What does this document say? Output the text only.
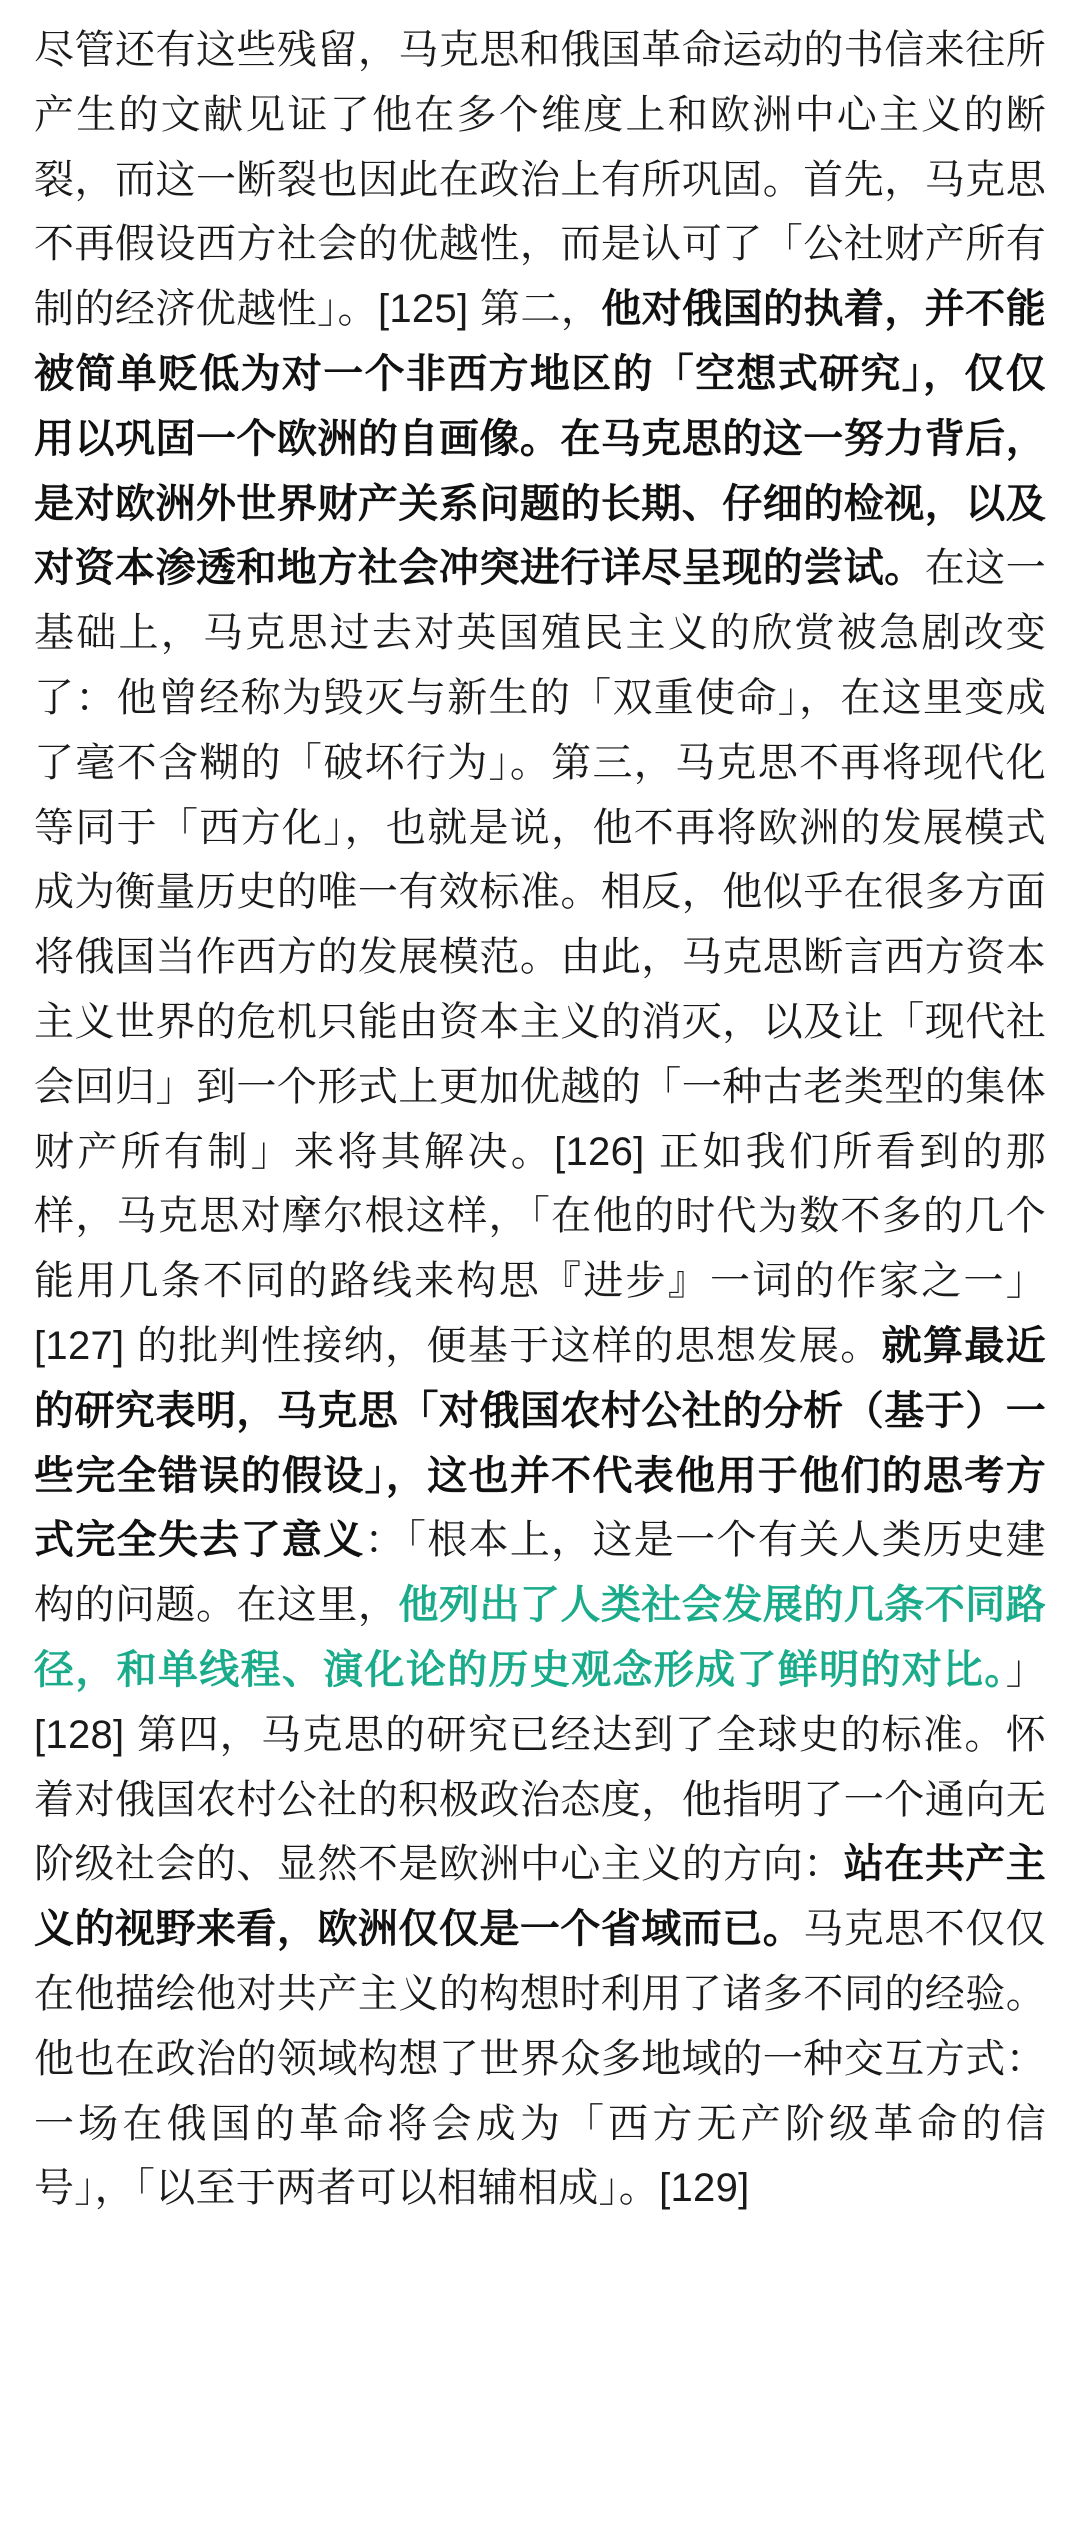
尽管还有这些残留，马克思和俄国革命运动的书信来往所产生的文献见证了他在多个维度上和欧洲中心主义的断裂，而这一断裂也因此在政治上有所巩固。首先，马克思不再假设西方社会的优越性，而是认可了「公社财产所有制的经济优越性」。[125] 第二，他对俄国的执着，并不能被简单贬低为对一个非西方地区的「空想式研究」，仅仅用以巩固一个欧洲的自画像。在马克思的这一努力背后，是对欧洲外世界财产关系问题的长期、仔细的检视，以及对资本渗透和地方社会冲突进行详尽呈现的尝试。在这一基础上，马克思过去对英国殖民主义的欣赏被急剧改变了：他曾经称为毁灭与新生的「双重使命」，在这里变成了毫不含糊的「破坏行为」。第三，马克思不再将现代化等同于「西方化」，也就是说，他不再将欧洲的发展模式成为衡量历史的唯一有效标准。相反，他似乎在很多方面将俄国当作西方的发展模范。由此，马克思断言西方资本主义世界的危机只能由资本主义的消灭，以及让「现代社会回归」到一个形式上更加优越的「一种古老类型的集体财产所有制」来将其解决。[126] 正如我们所看到的那样，马克思对摩尔根这样，「在他的时代为数不多的几个能用几条不同的路线来构思『进步』一词的作家之一」[127] 的批判性接纳，便基于这样的思想发展。就算最近的研究表明，马克思「对俄国农村公社的分析（基于）一些完全错误的假设」，这也并不代表他用于他们的思考方式完全失去了意义：「根本上，这是一个有关人类历史建构的问题。在这里，他列出了人类社会发展的几条不同路径，和单线程、演化论的历史观念形成了鲜明的对比。」[128] 第四，马克思的研究已经达到了全球史的标准。怀着对俄国农村公社的积极政治态度，他指明了一个通向无阶级社会的、显然不是欧洲中心主义的方向：站在共产主义的视野来看，欧洲仅仅是一个省域而已。马克思不仅仅在他描绘他对共产主义的构想时利用了诸多不同的经验。他也在政治的领域构想了世界众多地域的一种交互方式：一场在俄国的革命将会成为「西方无产阶级革命的信号」，「以至于两者可以相辅相成」。[129]
